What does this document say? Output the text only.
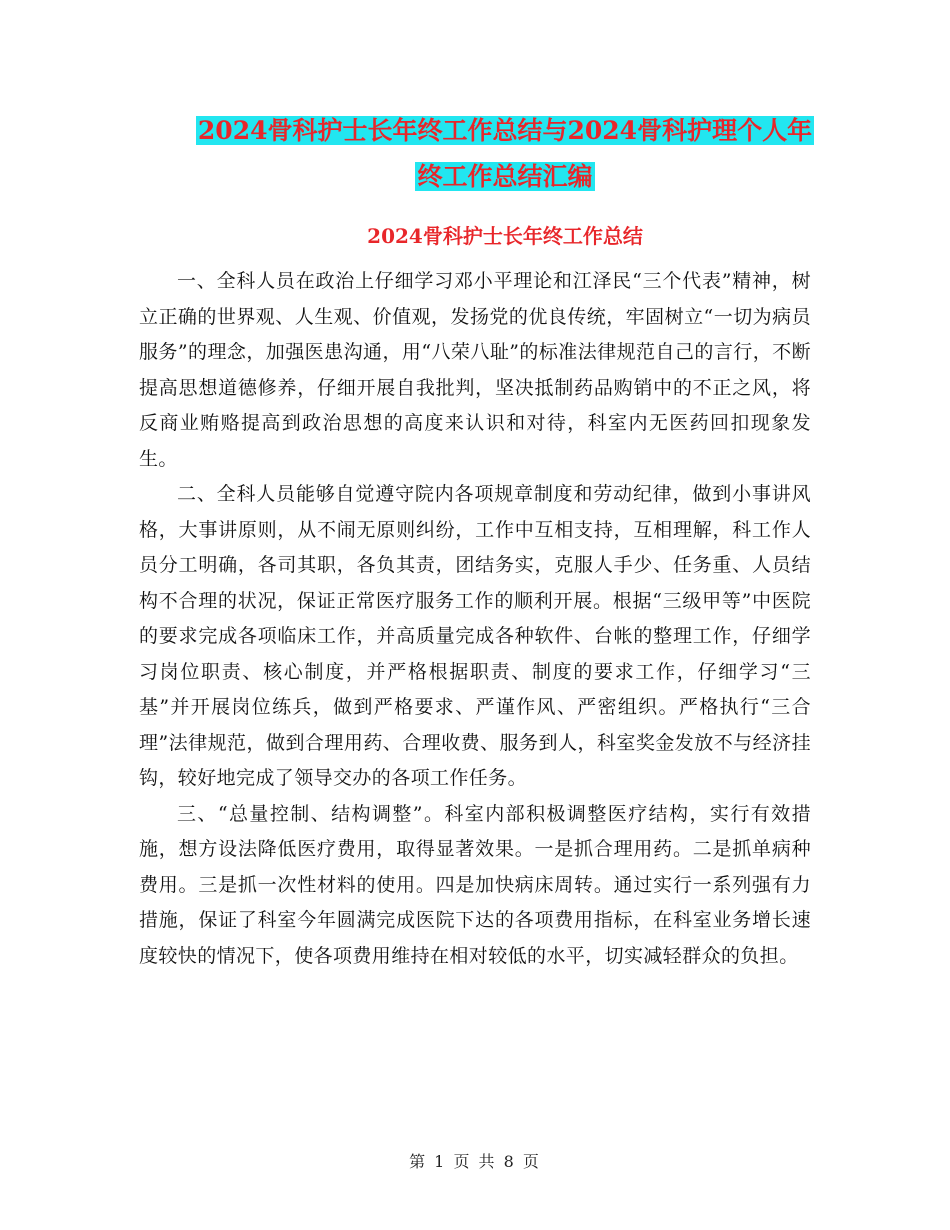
2024骨科护士长年终工作总结与2024骨科护理个人年
终工作总结汇编
2024骨科护士长年终工作总结

一、全科人员在政治上仔细学习邓小平理论和江泽民“三个代表”精神，树立正确的世界观、人生观、价值观，发扬党的优良传统，牢固树立“一切为病员服务”的理念，加强医患沟通，用“八荣八耻”的标准法律规范自己的言行，不断提高思想道德修养，仔细开展自我批判，坚决抵制药品购销中的不正之风，将反商业贿赂提高到政治思想的高度来认识和对待，科室内无医药回扣现象发生。

二、全科人员能够自觉遵守院内各项规章制度和劳动纪律，做到小事讲风格，大事讲原则，从不闹无原则纠纷，工作中互相支持，互相理解，科工作人员分工明确，各司其职，各负其责，团结务实，克服人手少、任务重、人员结构不合理的状况，保证正常医疗服务工作的顺利开展。根据“三级甲等”中医院的要求完成各项临床工作，并高质量完成各种软件、台帐的整理工作，仔细学习岗位职责、核心制度，并严格根据职责、制度的要求工作，仔细学习“三基”并开展岗位练兵，做到严格要求、严谨作风、严密组织。严格执行“三合理”法律规范，做到合理用药、合理收费、服务到人，科室奖金发放不与经济挂钩，较好地完成了领导交办的各项工作任务。

三、“总量控制、结构调整”。科室内部积极调整医疗结构，实行有效措施，想方设法降低医疗费用，取得显著效果。一是抓合理用药。二是抓单病种费用。三是抓一次性材料的使用。四是加快病床周转。通过实行一系列强有力措施，保证了科室今年圆满完成医院下达的各项费用指标，在科室业务增长速度较快的情况下，使各项费用维持在相对较低的水平，切实减轻群众的负担。

第 1 页 共 8 页
